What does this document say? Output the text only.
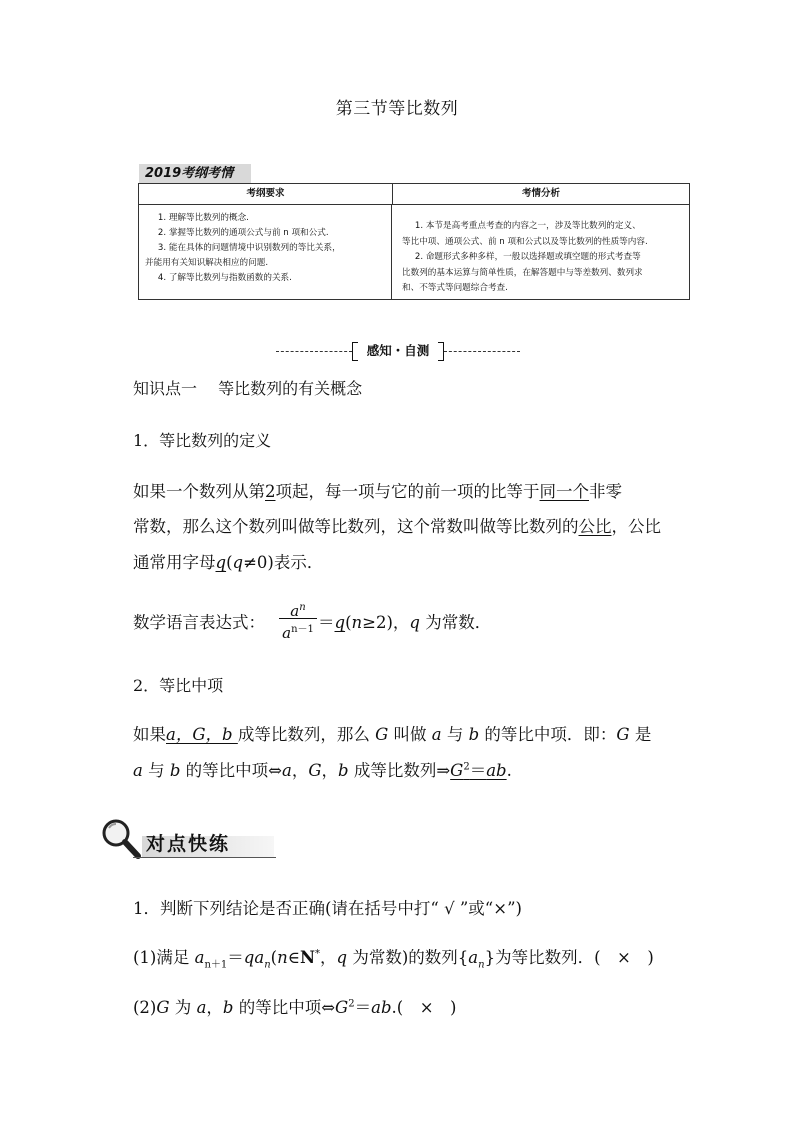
第三节等比数列
2019考纲考情
考纲要求	考情分析

1. 理解等比数列的概念.

2. 掌握等比数列的通项公式与前 n 项和公式.

3. 能在具体的问题情境中识别数列的等比关系，

并能用有关知识解决相应的问题.

4. 了解等比数列与指数函数的关系.

1. 本节是高考重点考查的内容之一，涉及等比数列的定义、

等比中项、通项公式、前 n 项和公式以及等比数列的性质等内容.

2. 命题形式多种多样，一般以选择题或填空题的形式考查等

比数列的基本运算与简单性质，在解答题中与等差数列、数列求

和、不等式等问题综合考查.

感知・自测
知识点一　 等比数列的有关概念
1．等比数列的定义
如果一个数列从第2项起，每一项与它的前一项的比等于同一个非零
常数，那么这个数列叫做等比数列，这个常数叫做等比数列的公比，公比
通常用字母q(q≠0)表示．
数学语言表达式： $\frac{a^n}{a^{n-1}} =q(n\ge 2)$，q 为常数．
2．等比中项
如果a，G，b 成等比数列，那么 G 叫做 a 与 b 的等比中项．即：G 是
a 与 b 的等比中项⇔a，G，b 成等比数列$\Rightarrow G^2=ab$.
对点快练
1．判断下列结论是否正确(请在括号中打“ √ ”或“×”)
(1)满足 $a_{n+1}=qa_n(n\in N^*$，q 为常数)的数列$\{a_n\}$为等比数列．(　×　)
(2)G 为 a，b 的等比中项$\Leftrightarrow G^2=ab$.(　×　)
